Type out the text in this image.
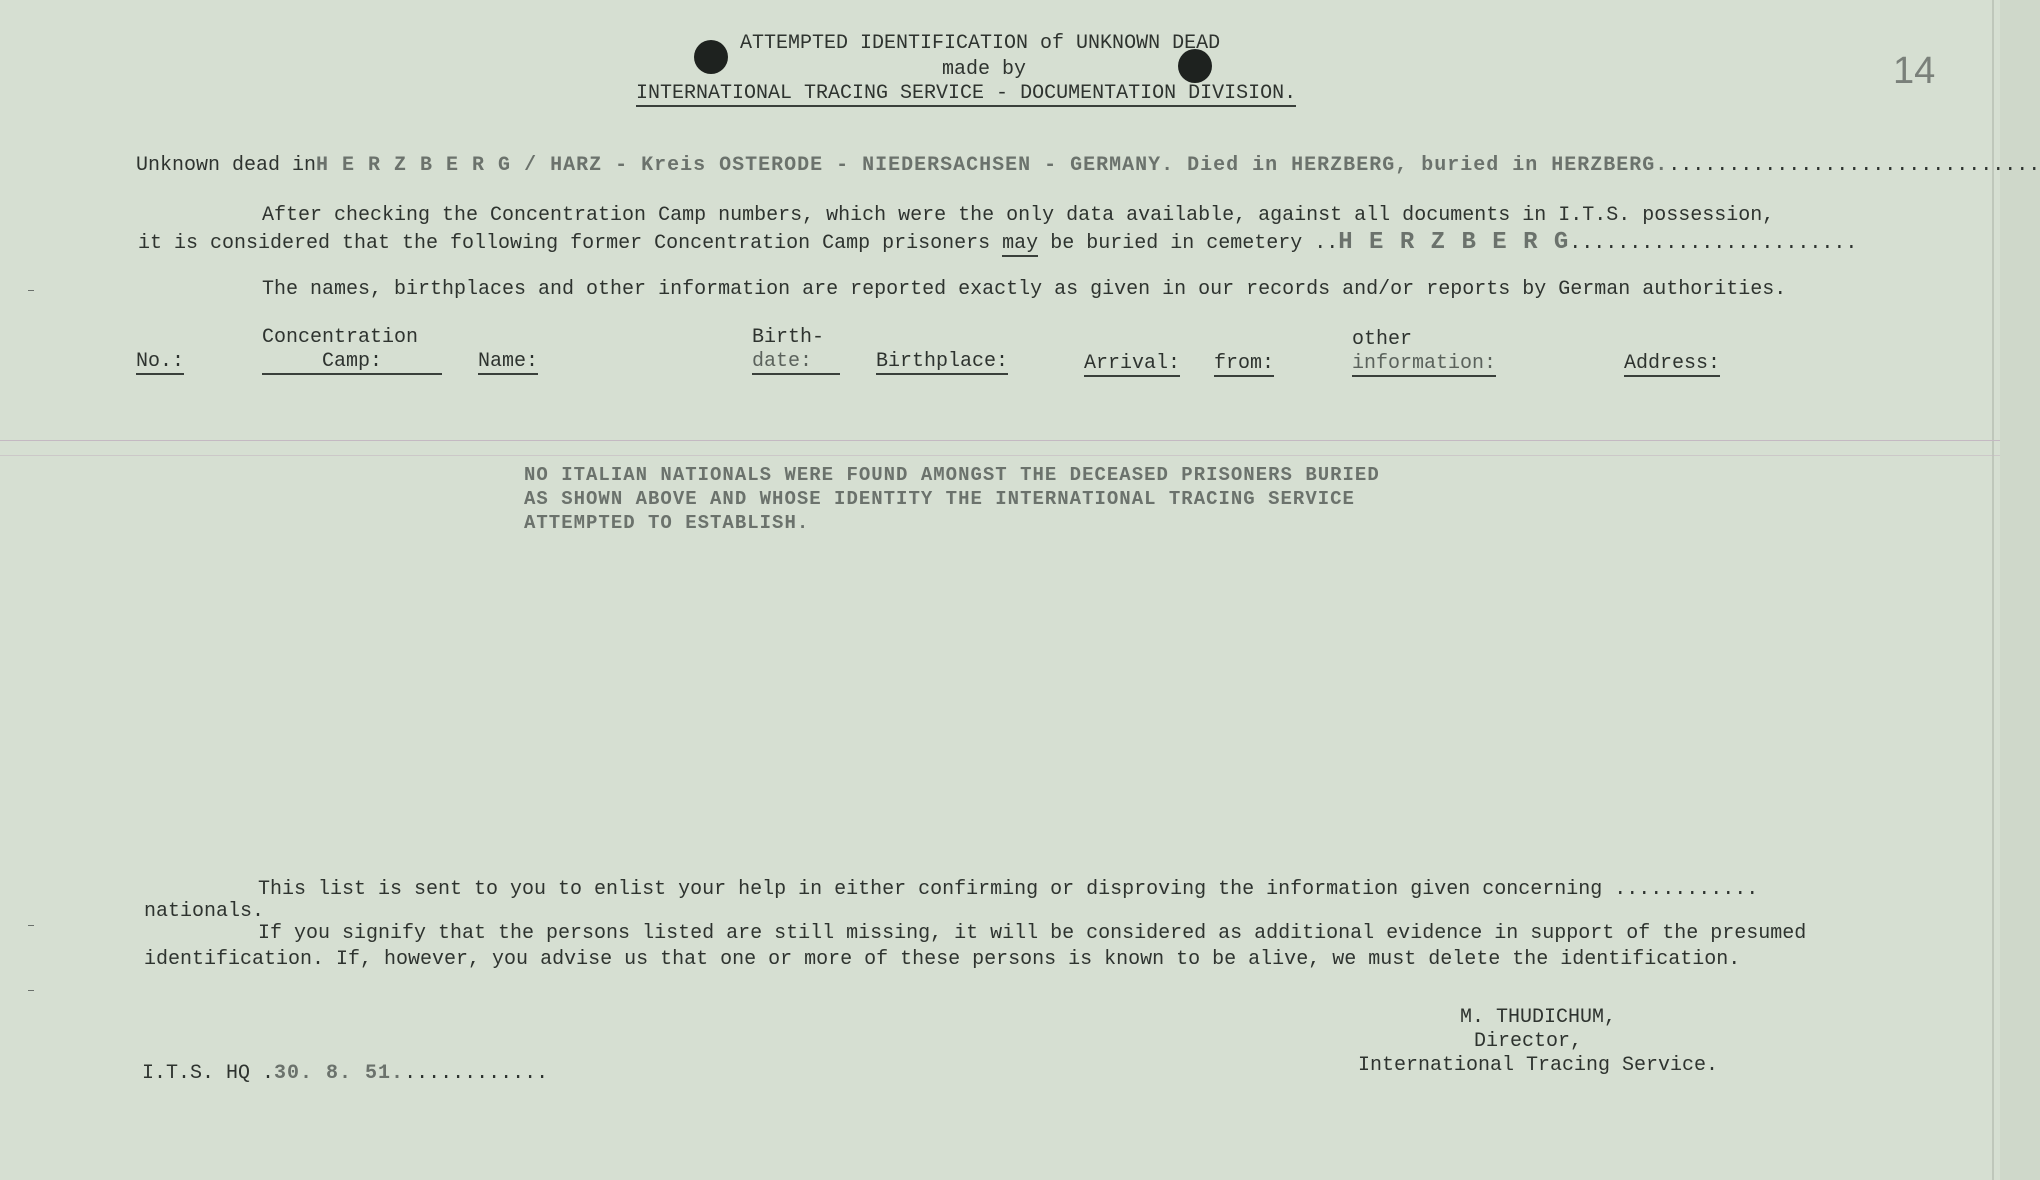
ATTEMPTED IDENTIFICATION of UNKNOWN DEAD
made by
INTERNATIONAL TRACING SERVICE - DOCUMENTATION DIVISION.
14
Unknown dead inH E R Z B E R G / HARZ - Kreis OSTERODE - NIEDERSACHSEN - GERMANY. Died in HERZBERG, buried in HERZBERG................................
After checking the Concentration Camp numbers, which were the only data available, against all documents in I.T.S. possession,
it is considered that the following former Concentration Camp prisoners may be buried in cemetery ..H E R Z B E R G........................
The names, birthplaces and other information are reported exactly as given in our records and/or reports by German authorities.
Concentration	Birth-	other
No.:	Camp:	Name:	date:	Birthplace:	Arrival: from:	information:	Address:
NO ITALIAN NATIONALS WERE FOUND AMONGST THE DECEASED PRISONERS BURIED
AS SHOWN ABOVE AND WHOSE IDENTITY THE INTERNATIONAL TRACING SERVICE
ATTEMPTED TO ESTABLISH.
This list is sent to you to enlist your help in either confirming or disproving the information given concerning ............
nationals.
If you signify that the persons listed are still missing, it will be considered as additional evidence in support of the presumed
identification. If, however, you advise us that one or more of these persons is known to be alive, we must delete the identification.
M. THUDICHUM,
Director,
International Tracing Service.
I.T.S. HQ .30. 8. 51.............
